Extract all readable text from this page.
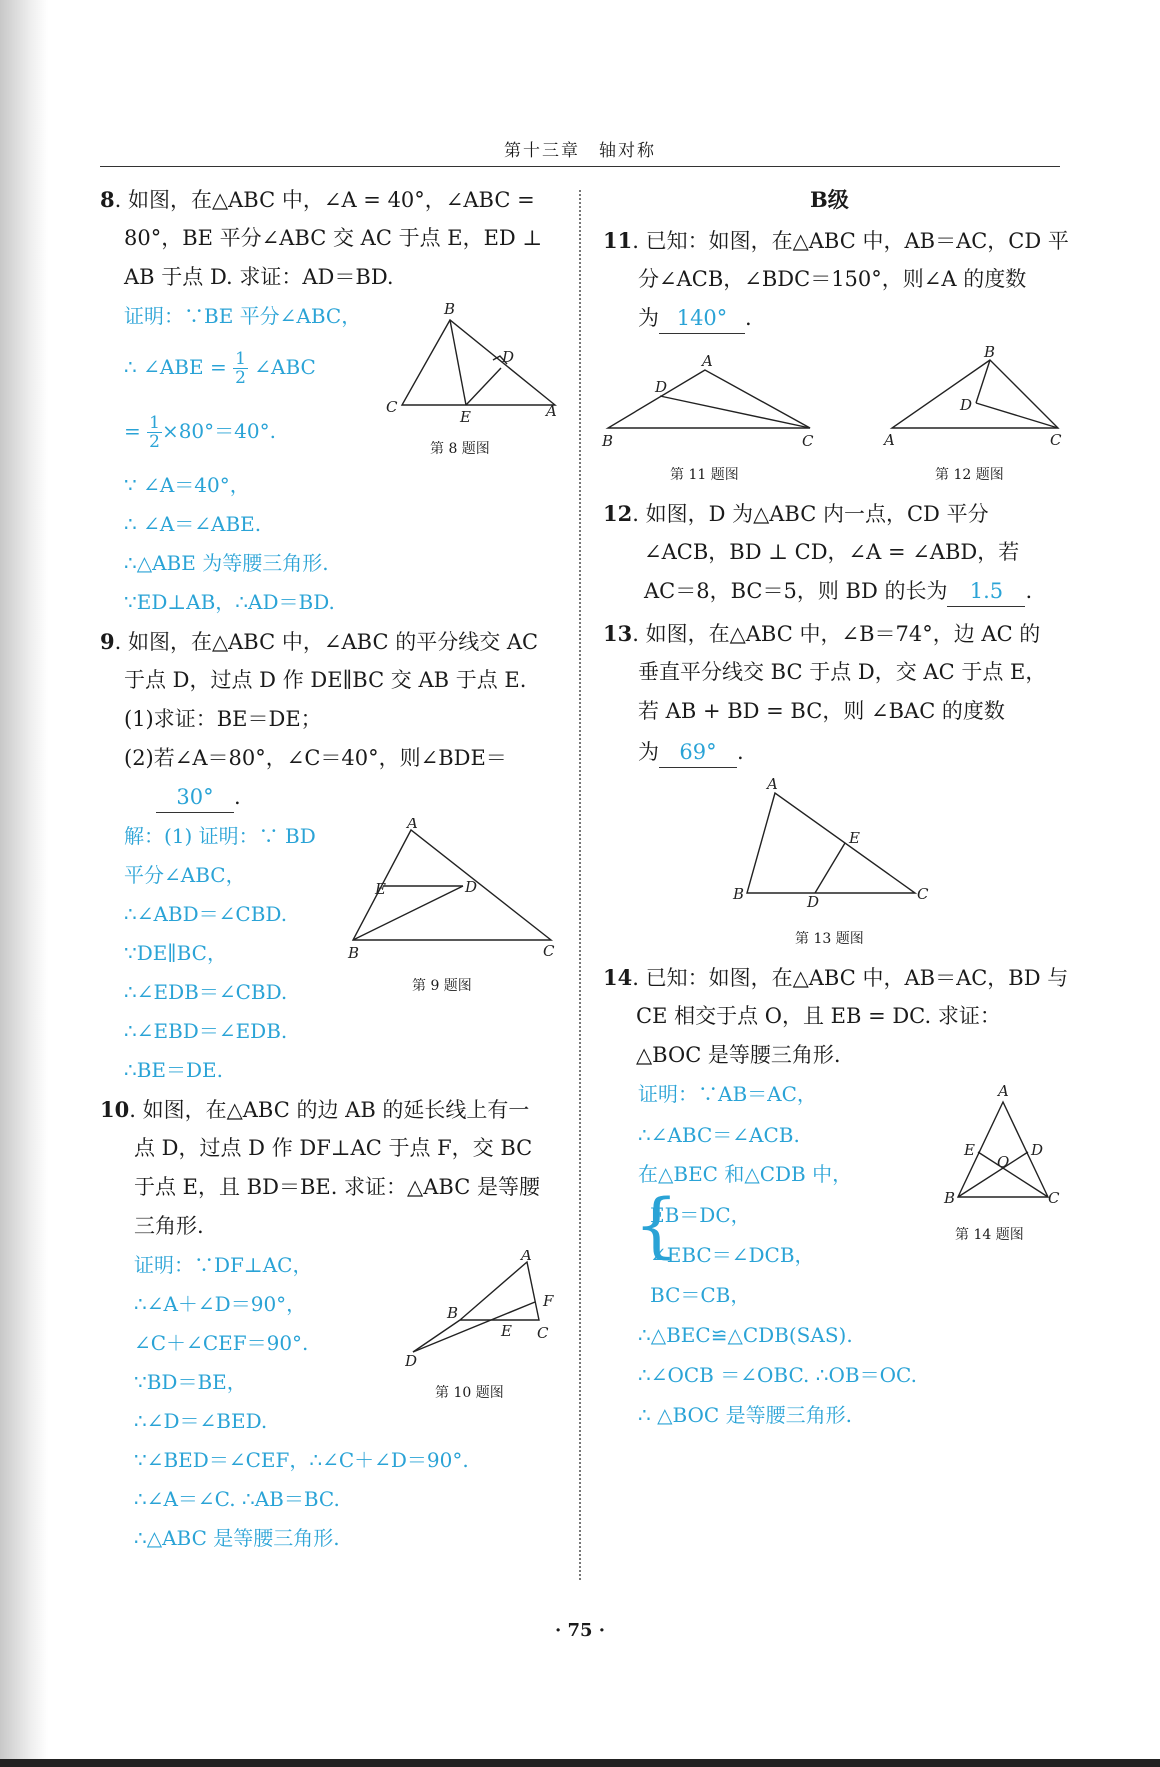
第十三章　轴对称
8. 如图，在△ABC 中，∠A = 40°，∠ABC =
80°，BE 平分∠ABC 交 AC 于点 E，ED ⊥
AB 于点 D. 求证：AD＝BD.
证明：∵BE 平分∠ABC，
∴ ∠ABE = $\frac{1}{2}$ ∠ABC
= $\frac{1}{2} \times 80^\circ=40^\circ$.
∵ ∠A＝40°，
∴ ∠A＝∠ABE.
∴△ABE 为等腰三角形.
∵ED⊥AB，∴AD＝BD.
B
D
C
E	A
第 8 题图
9. 如图，在△ABC 中，∠ABC 的平分线交 AC
于点 D，过点 D 作 DE∥BC 交 AB 于点 E.
(1)求证：BE＝DE；
(2)若∠A＝80°，∠C＝40°，则∠BDE＝
30° .
解：(1) 证明：∵ BD
平分∠ABC，
∴∠ABD＝∠CBD.
∵DE∥BC，
∴∠EDB＝∠CBD.
∴∠EBD＝∠EDB.
∴BE＝DE.
A
E	D
B	C
第 9 题图
10. 如图，在△ABC 的边 AB 的延长线上有一
点 D，过点 D 作 DF⊥AC 于点 F，交 BC
于点 E，且 BD＝BE. 求证：△ABC 是等腰
三角形.
证明：∵DF⊥AC，
∴∠A＋∠D＝90°，
∠C＋∠CEF＝90°.
∵BD＝BE，
∴∠D＝∠BED.
∵∠BED＝∠CEF，∴∠C＋∠D＝90°.
∴∠A＝∠C. ∴AB＝BC.
∴△ABC 是等腰三角形.
A
B
F
E C
D
第 10 题图
B级
11. 已知：如图，在△ABC 中，AB＝AC，CD 平
分∠ACB，∠BDC＝150°，则∠A 的度数
为 140° .
A
D
B	C
第 11 题图
B
D
A	C
第 12 题图
12. 如图，D 为△ABC 内一点，CD 平分
∠ACB，BD ⊥ CD，∠A = ∠ABD，若
AC＝8，BC＝5，则 BD 的长为 1.5 .
13. 如图，在△ABC 中，∠B＝74°，边 AC 的
垂直平分线交 BC 于点 D，交 AC 于点 E，
若 AB + BD = BC，则 ∠BAC 的度数
为 69° .
A
E
B	D	C
第 13 题图
14. 已知：如图，在△ABC 中，AB＝AC，BD 与
CE 相交于点 O，且 EB = DC. 求证：
△BOC 是等腰三角形.
证明：∵AB＝AC，
∴∠ABC＝∠ACB.
在△BEC 和△CDB 中，
{
EB＝DC，
∠EBC＝∠DCB，
BC＝CB，
∴△BEC≌△CDB(SAS).
∴∠OCB ＝∠OBC. ∴OB＝OC.
∴ △BOC 是等腰三角形.
A
E	D
O
B	C
第 14 题图
· 75 ·
